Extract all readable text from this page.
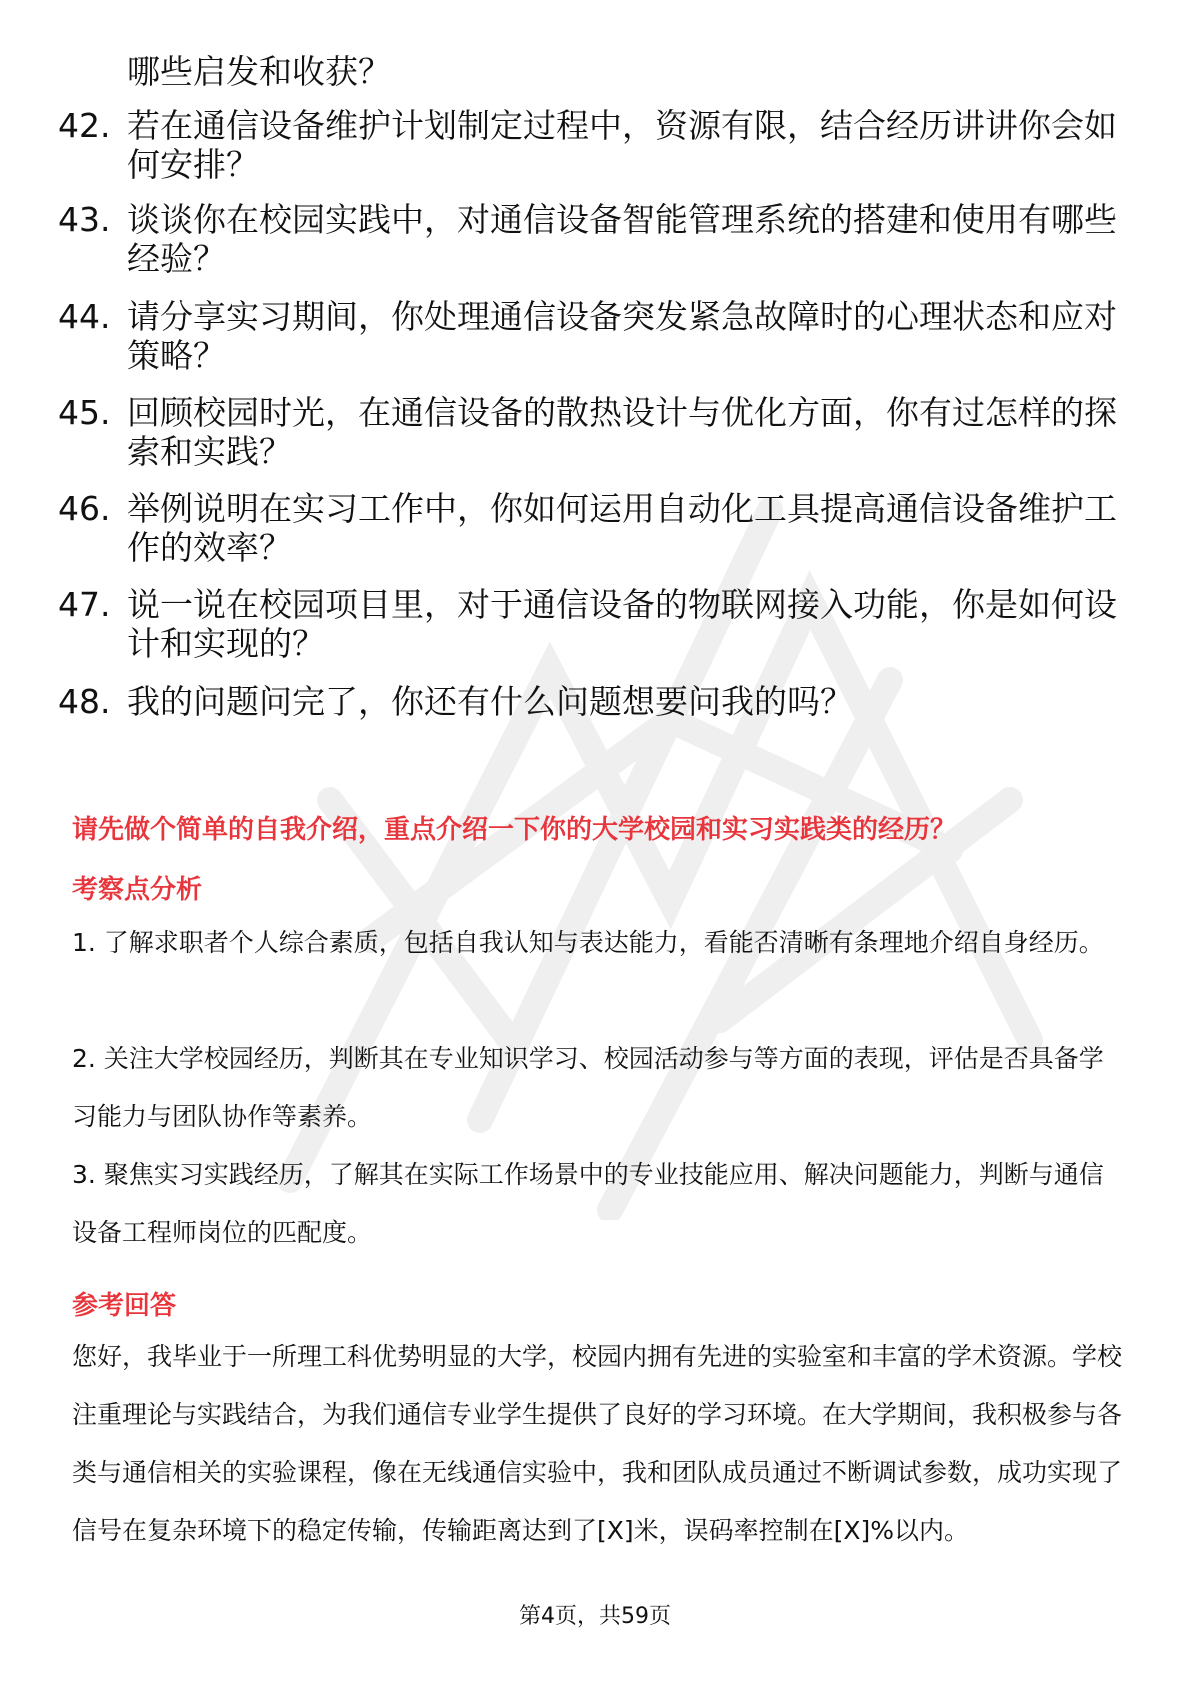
哪些启发和收获？
42. 若在通信设备维护计划制定过程中，资源有限，结合经历讲讲你会如何安排？
43. 谈谈你在校园实践中，对通信设备智能管理系统的搭建和使用有哪些经验？
44. 请分享实习期间，你处理通信设备突发紧急故障时的心理状态和应对策略？
45. 回顾校园时光，在通信设备的散热设计与优化方面，你有过怎样的探索和实践？
46. 举例说明在实习工作中，你如何运用自动化工具提高通信设备维护工作的效率？
47. 说一说在校园项目里，对于通信设备的物联网接入功能，你是如何设计和实现的？
48. 我的问题问完了，你还有什么问题想要问我的吗？
请先做个简单的自我介绍，重点介绍一下你的大学校园和实习实践类的经历？
考察点分析
1. 了解求职者个人综合素质，包括自我认知与表达能力，看能否清晰有条理地介绍自身经历。
2. 关注大学校园经历，判断其在专业知识学习、校园活动参与等方面的表现，评估是否具备学习能力与团队协作等素养。
3. 聚焦实习实践经历，了解其在实际工作场景中的专业技能应用、解决问题能力，判断与通信设备工程师岗位的匹配度。
参考回答
您好，我毕业于一所理工科优势明显的大学，校园内拥有先进的实验室和丰富的学术资源。学校注重理论与实践结合，为我们通信专业学生提供了良好的学习环境。在大学期间，我积极参与各类与通信相关的实验课程，像在无线通信实验中，我和团队成员通过不断调试参数，成功实现了信号在复杂环境下的稳定传输，传输距离达到了[X]米，误码率控制在[X]%以内。
第4页，共59页
